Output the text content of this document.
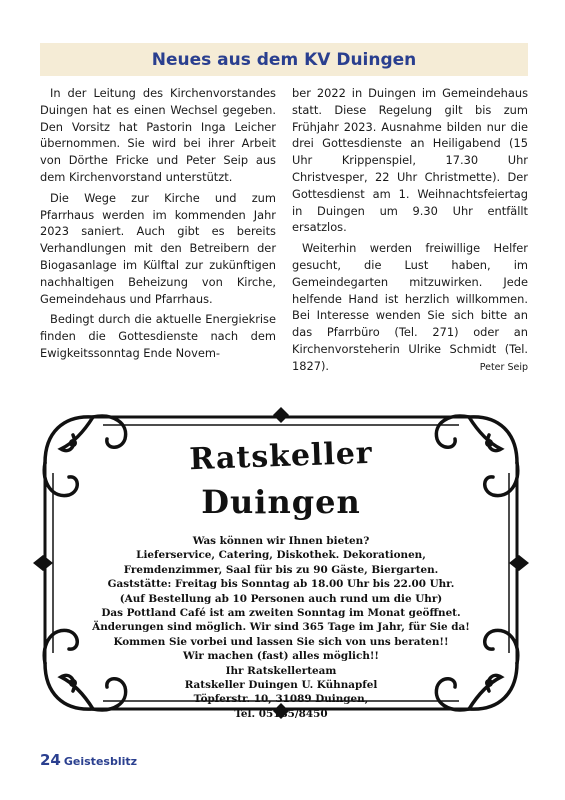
Neues aus dem KV Duingen

In der Leitung des Kirchenvorstandes Duingen hat es einen Wechsel gegeben. Den Vorsitz hat Pastorin Inga Leicher übernommen. Sie wird bei ihrer Arbeit von Dörthe Fricke und Peter Seip aus dem Kirchenvorstand unterstützt.

Die Wege zur Kirche und zum Pfarrhaus werden im kommenden Jahr 2023 saniert. Auch gibt es bereits Verhandlungen mit den Betreibern der Biogasanlage im Külftal zur zukünftigen nachhaltigen Beheizung von Kirche, Gemeindehaus und Pfarrhaus.

Bedingt durch die aktuelle Energiekrise finden die Gottesdienste nach dem Ewigkeitssonntag Ende Novem-

ber 2022 in Duingen im Gemeindehaus statt. Diese Regelung gilt bis zum Frühjahr 2023. Ausnahme bilden nur die drei Gottesdienste an Heiligabend (15 Uhr Krippenspiel, 17.30 Uhr Christvesper, 22 Uhr Christmette). Der Gottesdienst am 1. Weihnachtsfeiertag in Duingen um 9.30 Uhr entfällt ersatzlos.

Weiterhin werden freiwillige Helfer gesucht, die Lust haben, im Gemeindegarten mitzuwirken. Jede helfende Hand ist herzlich willkommen. Bei Interesse wenden Sie sich bitte an das Pfarrbüro (Tel. 271) oder an Kirchenvorsteherin Ulrike Schmidt (Tel. 1827).	Peter Seip

Ratskeller
Duingen
Was können wir Ihnen bieten?
Lieferservice, Catering, Diskothek. Dekorationen,
Fremdenzimmer, Saal für bis zu 90 Gäste, Biergarten.
Gaststätte: Freitag bis Sonntag ab 18.00 Uhr bis 22.00 Uhr.
(Auf Bestellung ab 10 Personen auch rund um die Uhr)
Das Pottland Café ist am zweiten Sonntag im Monat geöffnet.
Änderungen sind möglich. Wir sind 365 Tage im Jahr, für Sie da!
Kommen Sie vorbei und lassen Sie sich von uns beraten!!
Wir machen (fast) alles möglich!!
Ihr Ratskellerteam
Ratskeller Duingen U. Kühnapfel
Töpferstr. 10, 31089 Duingen,
Tel. 05185/8450
24 Geistesblitz
